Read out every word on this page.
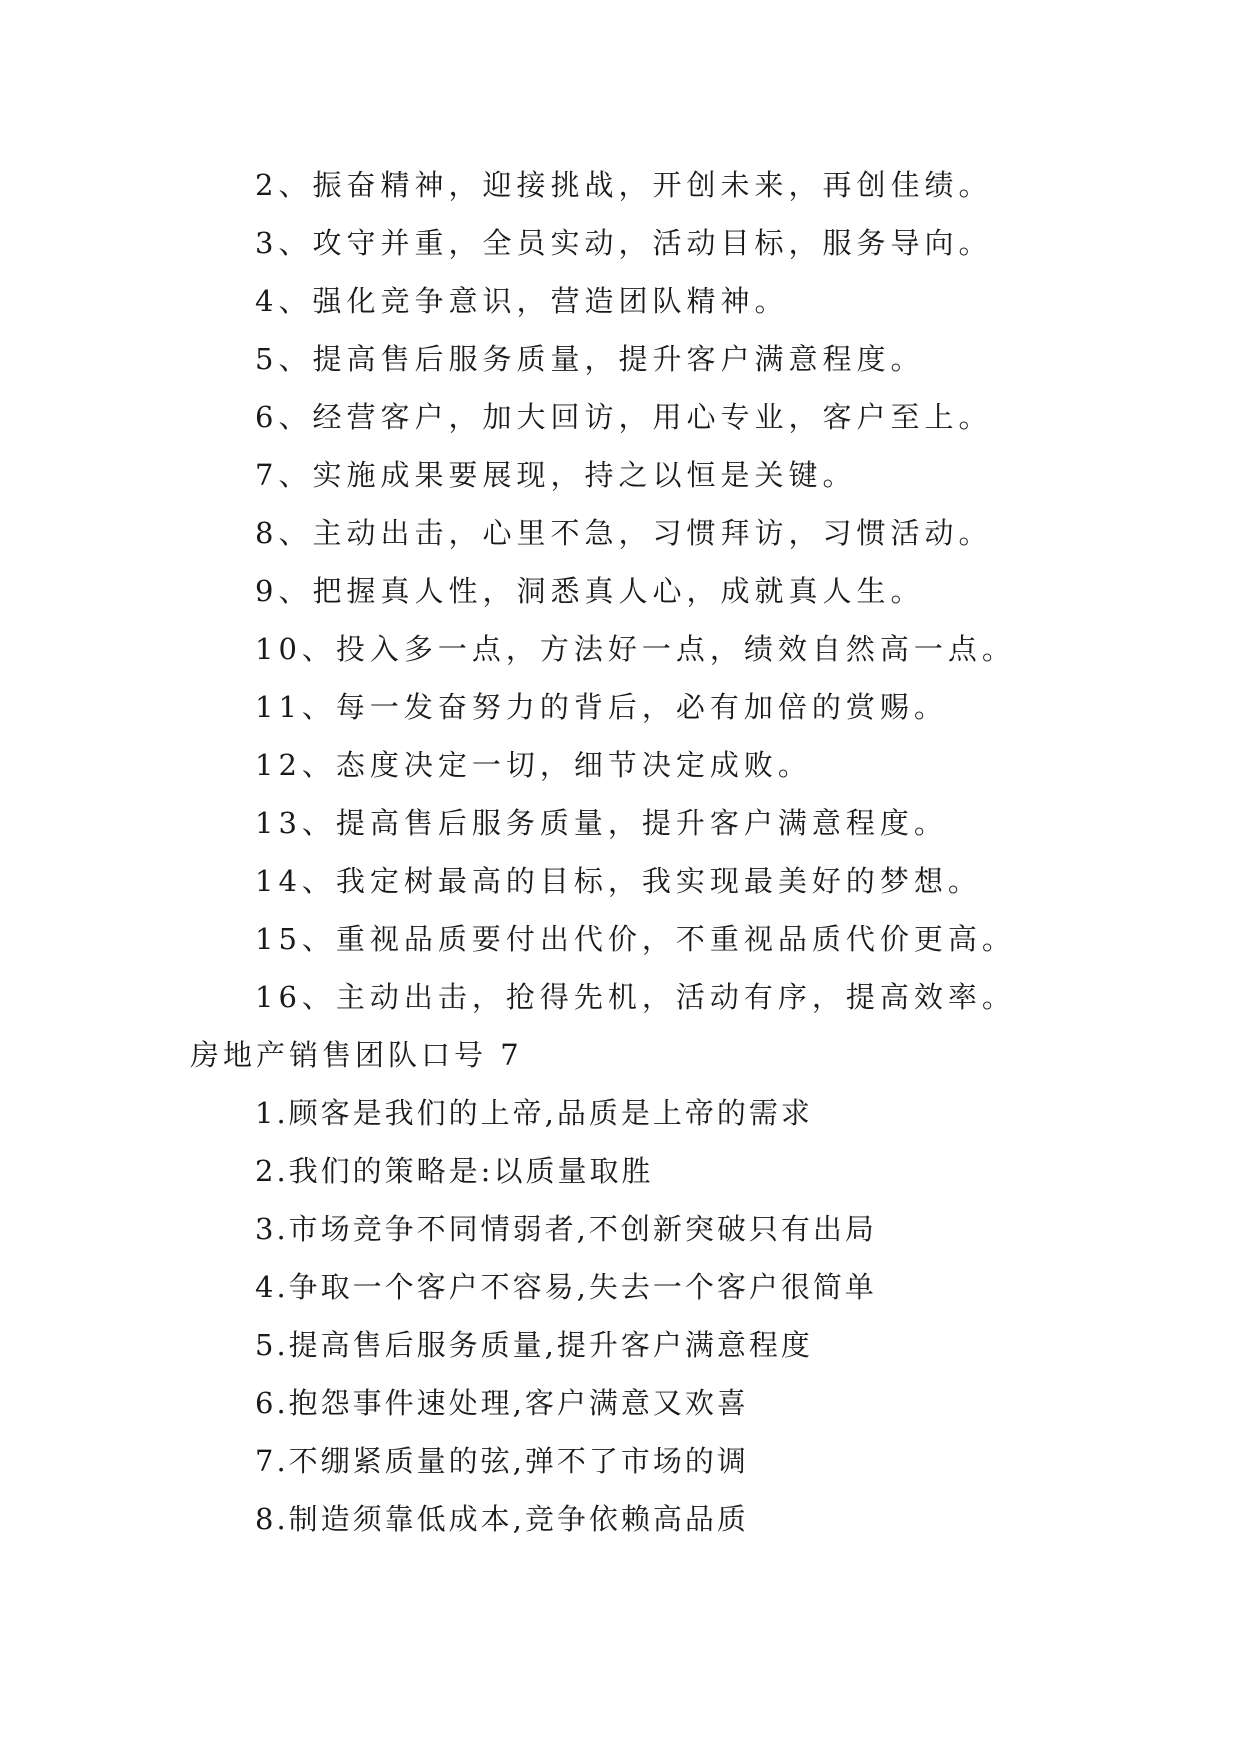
2、振奋精神，迎接挑战，开创未来，再创佳绩。
3、攻守并重，全员实动，活动目标，服务导向。
4、强化竞争意识，营造团队精神。
5、提高售后服务质量，提升客户满意程度。
6、经营客户，加大回访，用心专业，客户至上。
7、实施成果要展现，持之以恒是关键。
8、主动出击，心里不急，习惯拜访，习惯活动。
9、把握真人性，洞悉真人心，成就真人生。
10、投入多一点，方法好一点，绩效自然高一点。
11、每一发奋努力的背后，必有加倍的赏赐。
12、态度决定一切，细节决定成败。
13、提高售后服务质量，提升客户满意程度。
14、我定树最高的目标，我实现最美好的梦想。
15、重视品质要付出代价，不重视品质代价更高。
16、主动出击，抢得先机，活动有序，提高效率。
房地产销售团队口号 7
1.顾客是我们的上帝,品质是上帝的需求
2.我们的策略是:以质量取胜
3.市场竞争不同情弱者,不创新突破只有出局
4.争取一个客户不容易,失去一个客户很简单
5.提高售后服务质量,提升客户满意程度
6.抱怨事件速处理,客户满意又欢喜
7.不绷紧质量的弦,弹不了市场的调
8.制造须靠低成本,竞争依赖高品质
